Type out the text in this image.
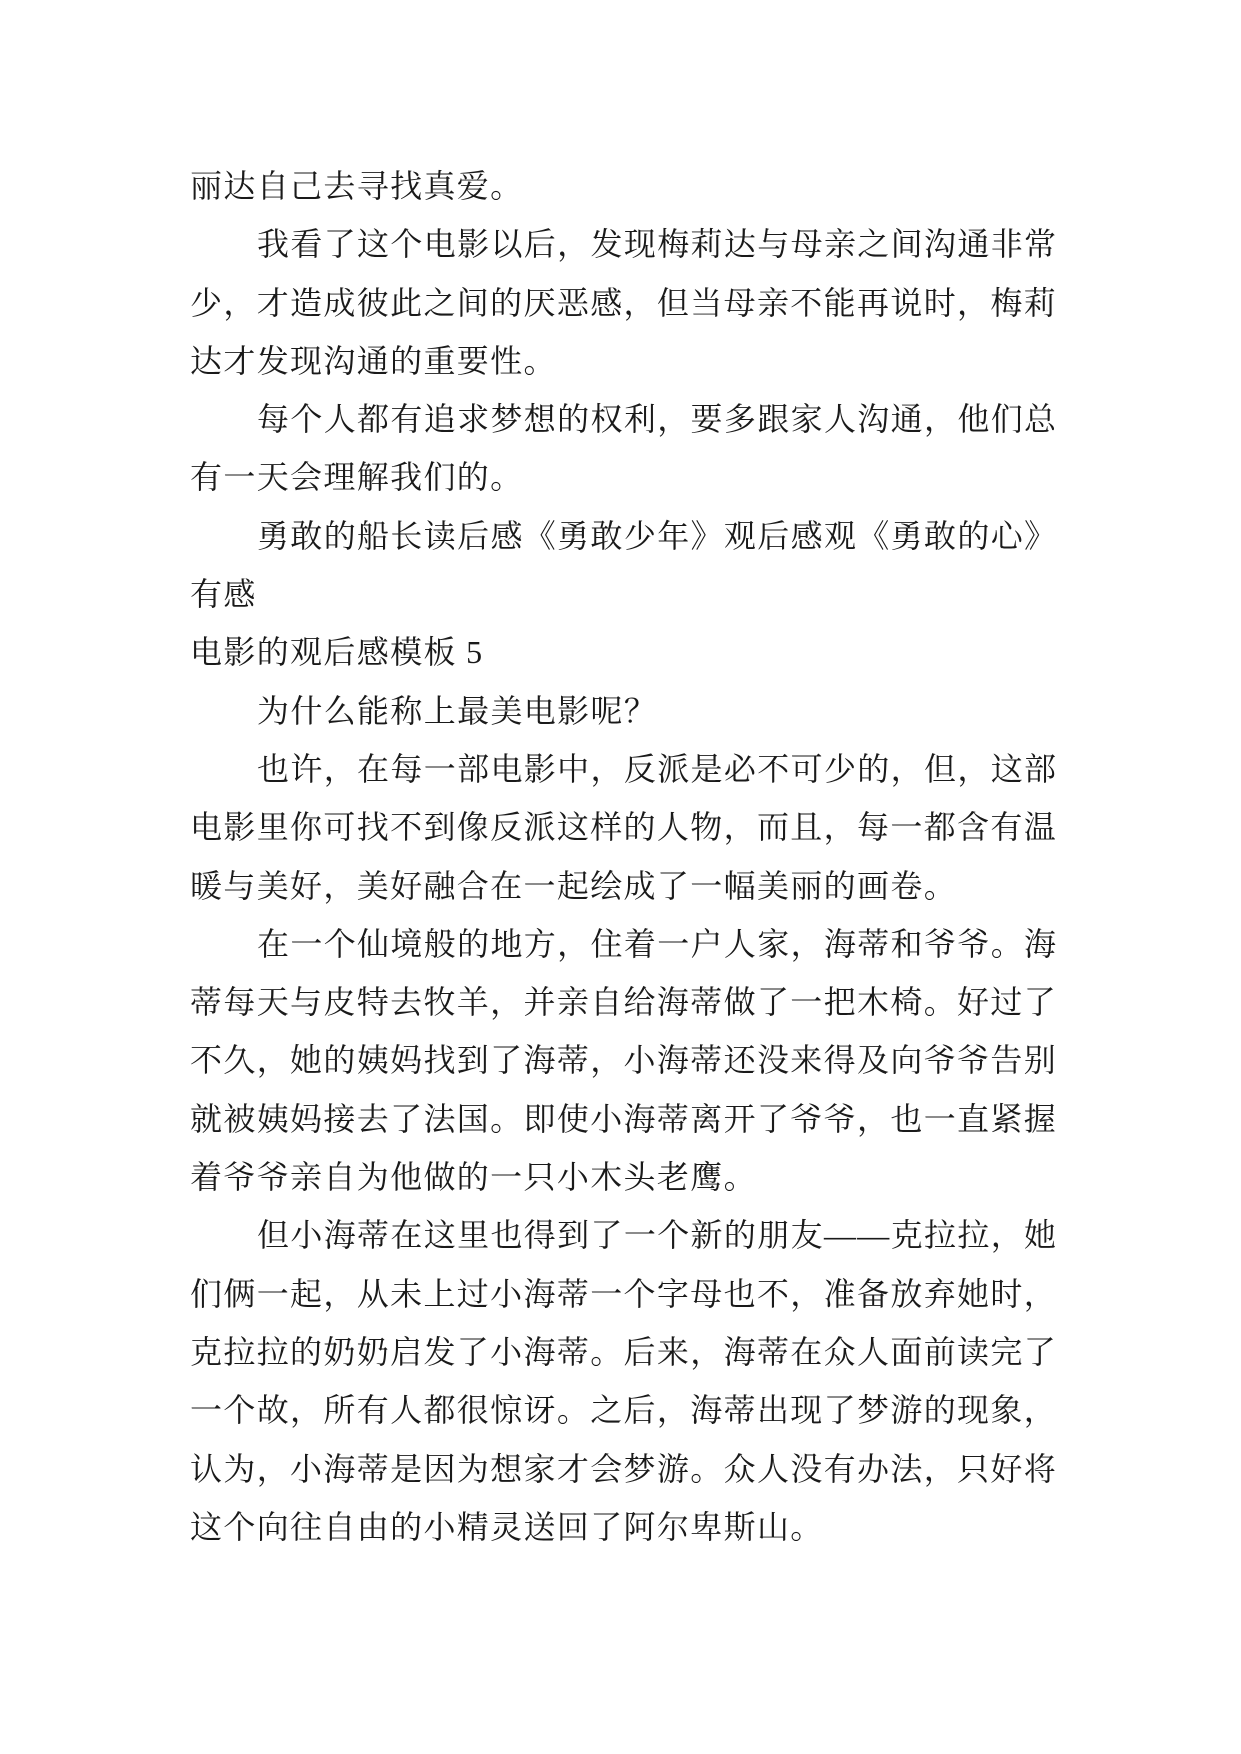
丽达自己去寻找真爱。
我看了这个电影以后，发现梅莉达与母亲之间沟通非常
少，才造成彼此之间的厌恶感，但当母亲不能再说时，梅莉
达才发现沟通的重要性。
每个人都有追求梦想的权利，要多跟家人沟通，他们总
有一天会理解我们的。
勇敢的船长读后感《勇敢少年》观后感观《勇敢的心》
有感
电影的观后感模板 5
为什么能称上最美电影呢？
也许，在每一部电影中，反派是必不可少的，但，这部
电影里你可找不到像反派这样的人物，而且，每一都含有温
暖与美好，美好融合在一起绘成了一幅美丽的画卷。
在一个仙境般的地方，住着一户人家，海蒂和爷爷。海
蒂每天与皮特去牧羊，并亲自给海蒂做了一把木椅。好过了
不久，她的姨妈找到了海蒂，小海蒂还没来得及向爷爷告别
就被姨妈接去了法国。即使小海蒂离开了爷爷，也一直紧握
着爷爷亲自为他做的一只小木头老鹰。
但小海蒂在这里也得到了一个新的朋友——克拉拉，她
们俩一起，从未上过小海蒂一个字母也不，准备放弃她时，
克拉拉的奶奶启发了小海蒂。后来，海蒂在众人面前读完了
一个故，所有人都很惊讶。之后，海蒂出现了梦游的现象，
认为，小海蒂是因为想家才会梦游。众人没有办法，只好将
这个向往自由的小精灵送回了阿尔卑斯山。
